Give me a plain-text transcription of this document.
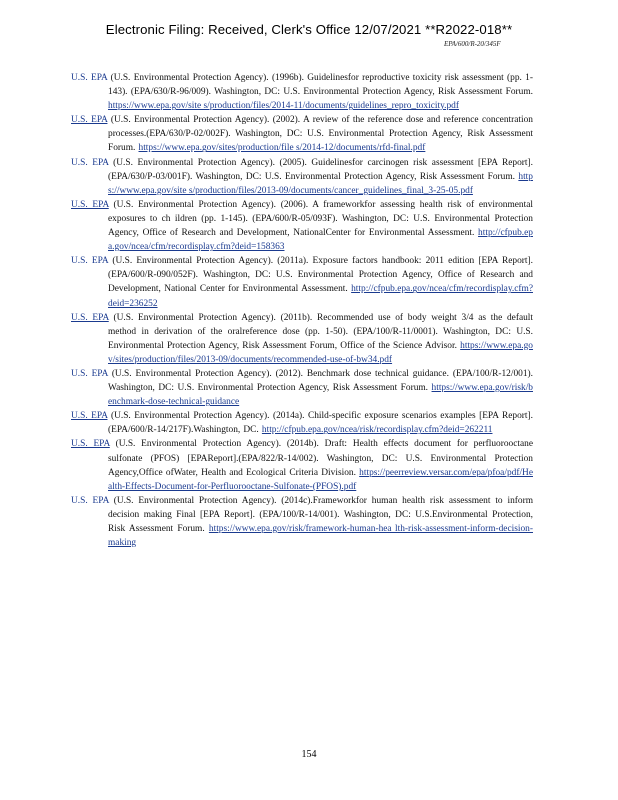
Electronic Filing: Received, Clerk's Office 12/07/2021 **R2022-018**
EPA/600/R-20/345F
U.S. EPA (U.S. Environmental Protection Agency). (1996b). Guidelinesfor reproductive toxicity risk assessment (pp. 1-143). (EPA/630/R-96/009). Washington, DC: U.S. Environmental Protection Agency, Risk Assessment Forum. https://www.epa.gov/site s/production/files/2014-11/documents/guidelines_repro_toxicity.pdf
U.S. EPA (U.S. Environmental Protection Agency). (2002). A review of the reference dose and reference concentration processes.(EPA/630/P-02/002F). Washington, DC: U.S. Environmental Protection Agency, Risk Assessment Forum. https://www.epa.gov/sites/production/file s/2014-12/documents/rfd-final.pdf
U.S. EPA (U.S. Environmental Protection Agency). (2005). Guidelinesfor carcinogen risk assessment [EPA Report]. (EPA/630/P-03/001F). Washington, DC: U.S. Environmental Protection Agency, Risk Assessment Forum. https://www.epa.gov/site s/production/files/2013-09/documents/cancer_guidelines_final_3-25-05.pdf
U.S. EPA (U.S. Environmental Protection Agency). (2006). A frameworkfor assessing health risk of environmental exposures to ch ildren (pp. 1-145). (EPA/600/R-05/093F). Washington, DC: U.S. Environmental Protection Agency, Office of Research and Development, NationalCenter for Environmental Assessment. http://cfpub.epa.gov/ncea/cfm/recordisplay.cfm?deid=158363
U.S. EPA (U.S. Environmental Protection Agency). (2011a). Exposure factors handbook: 2011 edition [EPA Report]. (EPA/600/R-090/052F). Washington, DC: U.S. Environmental Protection Agency, Office of Research and Development, National Center for Environmental Assessment. http://cfpub.epa.gov/ncea/cfm/recordisplay.cfm?deid=236252
U.S. EPA (U.S. Environmental Protection Agency). (2011b). Recommended use of body weight 3/4 as the default method in derivation of the oralreference dose (pp. 1-50). (EPA/100/R-11/0001). Washington, DC: U.S. Environmental Protection Agency, Risk Assessment Forum, Office of the Science Advisor. https://www.epa.gov/sites/production/files/2013-09/documents/recommended-use-of-bw34.pdf
U.S. EPA (U.S. Environmental Protection Agency). (2012). Benchmark dose technical guidance. (EPA/100/R-12/001). Washington, DC: U.S. Environmental Protection Agency, Risk Assessment Forum. https://www.epa.gov/risk/benchmark-dose-technical-guidance
U.S. EPA (U.S. Environmental Protection Agency). (2014a). Child-specific exposure scenarios examples [EPA Report].(EPA/600/R-14/217F).Washington, DC. http://cfpub.epa.gov/ncea/risk/recordisplay.cfm?deid=262211
U.S. EPA (U.S. Environmental Protection Agency). (2014b). Draft: Health effects document for perfluorooctane sulfonate (PFOS) [EPAReport].(EPA/822/R-14/002). Washington, DC: U.S. Environmental Protection Agency,Office ofWater, Health and Ecological Criteria Division. https://peerreview.versar.com/epa/pfoa/pdf/Health-Effects-Document-for-Perfluorooctane-Sulfonate-(PFOS).pdf
U.S. EPA (U.S. Environmental Protection Agency). (2014c).Frameworkfor human health risk assessment to inform decision making Final [EPA Report]. (EPA/100/R-14/001). Washington, DC: U.S.Environmental Protection, Risk Assessment Forum. https://www.epa.gov/risk/framework-human-hea lth-risk-assessment-inform-decision-making
154
